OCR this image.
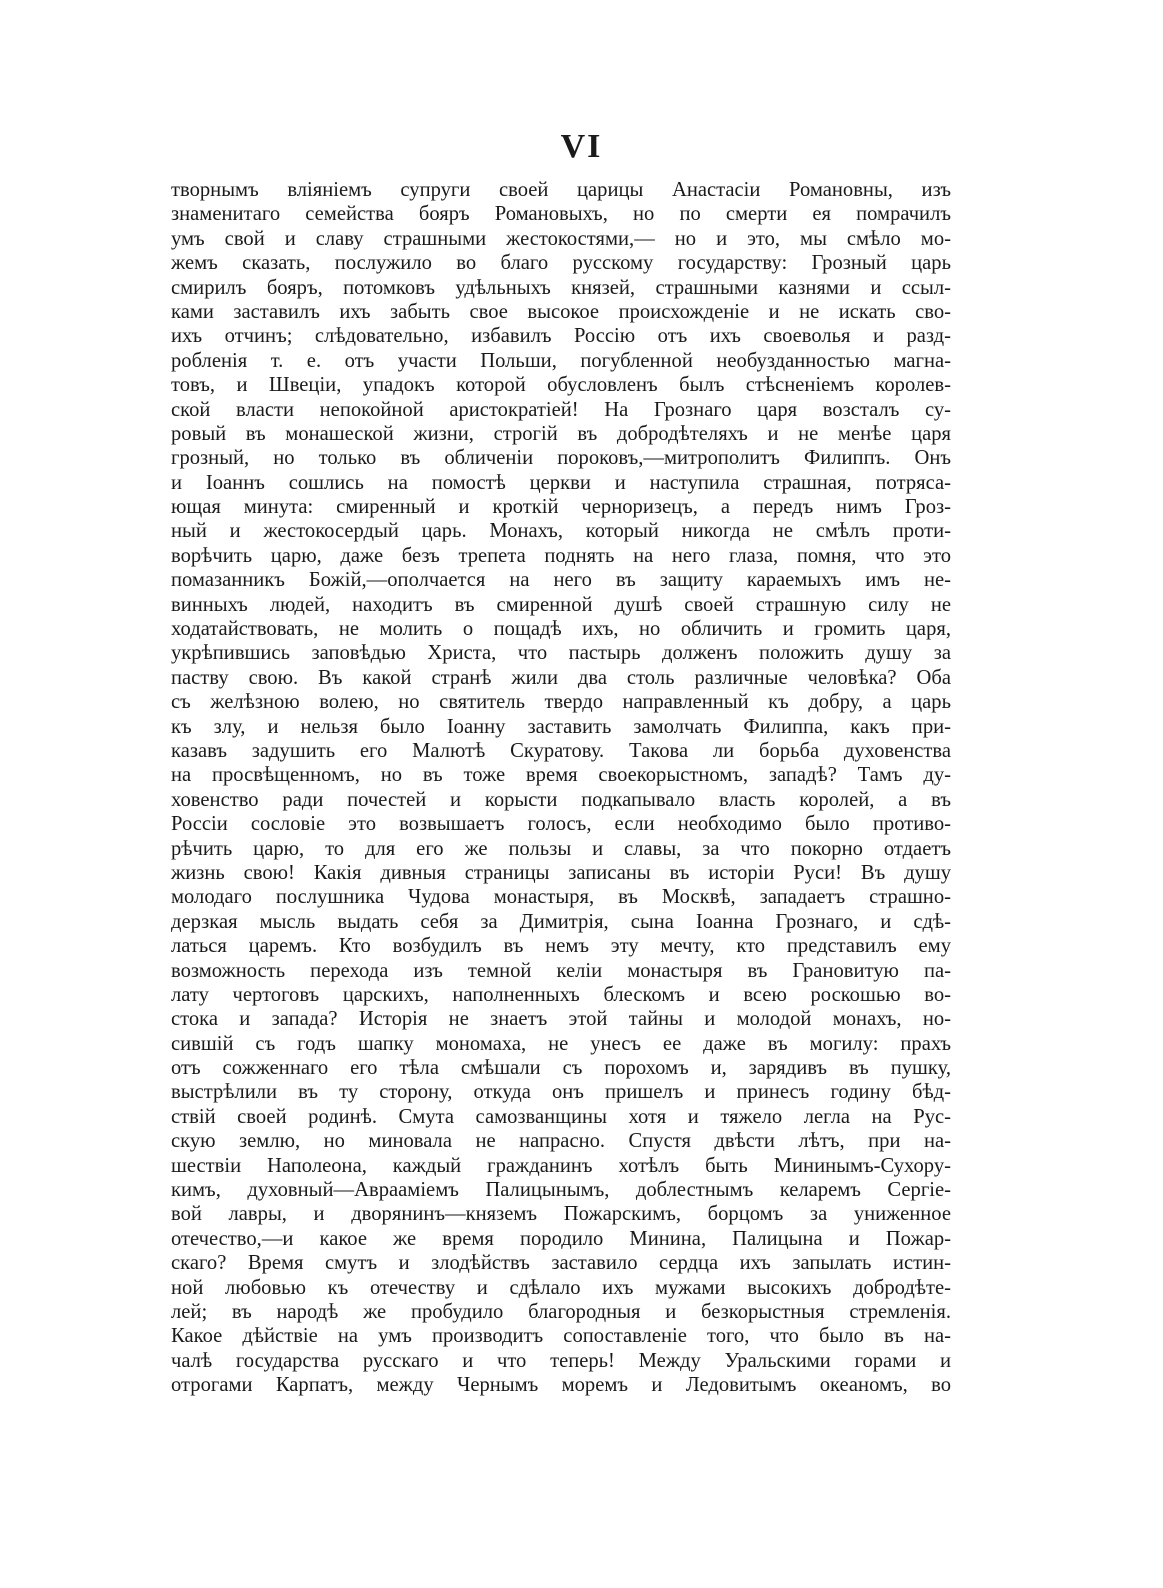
VI
творнымъ вліяніемъ супруги своей царицы Анастасіи Романовны, изъ
знаменитаго семейства бояръ Романовыхъ, но по смерти ея помрачилъ
умъ свой и славу страшными жестокостями,— но и это, мы смѣло мо-
жемъ сказать, послужило во благо русскому государству: Грозный царь
смирилъ бояръ, потомковъ удѣльныхъ князей, страшными казнями и ссыл-
ками заставилъ ихъ забыть свое высокое происхожденіе и не искать сво-
ихъ отчинъ; слѣдовательно, избавилъ Россію отъ ихъ своеволья и разд-
робленія т. е. отъ участи Польши, погубленной необузданностью магна-
товъ, и Швеціи, упадокъ которой обусловленъ былъ стѣсненіемъ королев-
ской власти непокойной аристократіей! На Грознаго царя возсталъ су-
ровый въ монашеской жизни, строгій въ добродѣтеляхъ и не менѣе царя
грозный, но только въ обличеніи пороковъ,—митрополитъ Филиппъ. Онъ
и Іоаннъ сошлись на помостѣ церкви и наступила страшная, потряса-
ющая минута: смиренный и кроткій черноризецъ, а передъ нимъ Гроз-
ный и жестокосердый царь. Монахъ, который никогда не смѣлъ проти-
ворѣчить царю, даже безъ трепета поднять на него глаза, помня, что это
помазанникъ Божій,—ополчается на него въ защиту караемыхъ имъ не-
винныхъ людей, находитъ въ смиренной душѣ своей страшную силу не
ходатайствовать, не молить о пощадѣ ихъ, но обличить и громить царя,
укрѣпившись заповѣдью Христа, что пастырь долженъ положить душу за
паству свою. Въ какой странѣ жили два столь различные человѣка? Оба
съ желѣзною волею, но святитель твердо направленный къ добру, а царь
къ злу, и нельзя было Іоанну заставить замолчать Филиппа, какъ при-
казавъ задушить его Малютѣ Скуратову. Такова ли борьба духовенства
на просвѣщенномъ, но въ тоже время своекорыстномъ, западѣ? Тамъ ду-
ховенство ради почестей и корысти подкапывало власть королей, а въ
Россіи сословіе это возвышаетъ голосъ, если необходимо было противо-
рѣчить царю, то для его же пользы и славы, за что покорно отдаетъ
жизнь свою! Какія дивныя страницы записаны въ исторіи Руси! Въ душу
молодаго послушника Чудова монастыря, въ Москвѣ, западаетъ страшно-
дерзкая мысль выдать себя за Димитрія, сына Іоанна Грознаго, и сдѣ-
латься царемъ. Кто возбудилъ въ немъ эту мечту, кто представилъ ему
возможность перехода изъ темной келіи монастыря въ Грановитую па-
лату чертоговъ царскихъ, наполненныхъ блескомъ и всею роскошью во-
стока и запада? Исторія не знаетъ этой тайны и молодой монахъ, но-
сившій съ годъ шапку мономаха, не унесъ ее даже въ могилу: прахъ
отъ сожженнаго его тѣла смѣшали съ порохомъ и, зарядивъ въ пушку,
выстрѣлили въ ту сторону, откуда онъ пришелъ и принесъ годину бѣд-
ствій своей родинѣ. Смута самозванщины хотя и тяжело легла на Рус-
скую землю, но миновала не напрасно. Спустя двѣсти лѣтъ, при на-
шествіи Наполеона, каждый гражданинъ хотѣлъ быть Мининымъ-Сухору-
кимъ, духовный—Авраамiемъ Палицынымъ, доблестнымъ келаремъ Сергіе-
вой лавры, и дворянинъ—княземъ Пожарскимъ, борцомъ за униженное
отечество,—и какое же время породило Минина, Палицына и Пожар-
скаго? Время смутъ и злодѣйствъ заставило сердца ихъ запылать истин-
ной любовью къ отечеству и сдѣлало ихъ мужами высокихъ добродѣте-
лей; въ народѣ же пробудило благородныя и безкорыстныя стремленія.
Какое дѣйствіе на умъ производитъ сопоставленіе того, что было въ на-
чалѣ государства русскаго и что теперь! Между Уральскими горами и
отрогами Карпатъ, между Чернымъ моремъ и Ледовитымъ океаномъ, во
